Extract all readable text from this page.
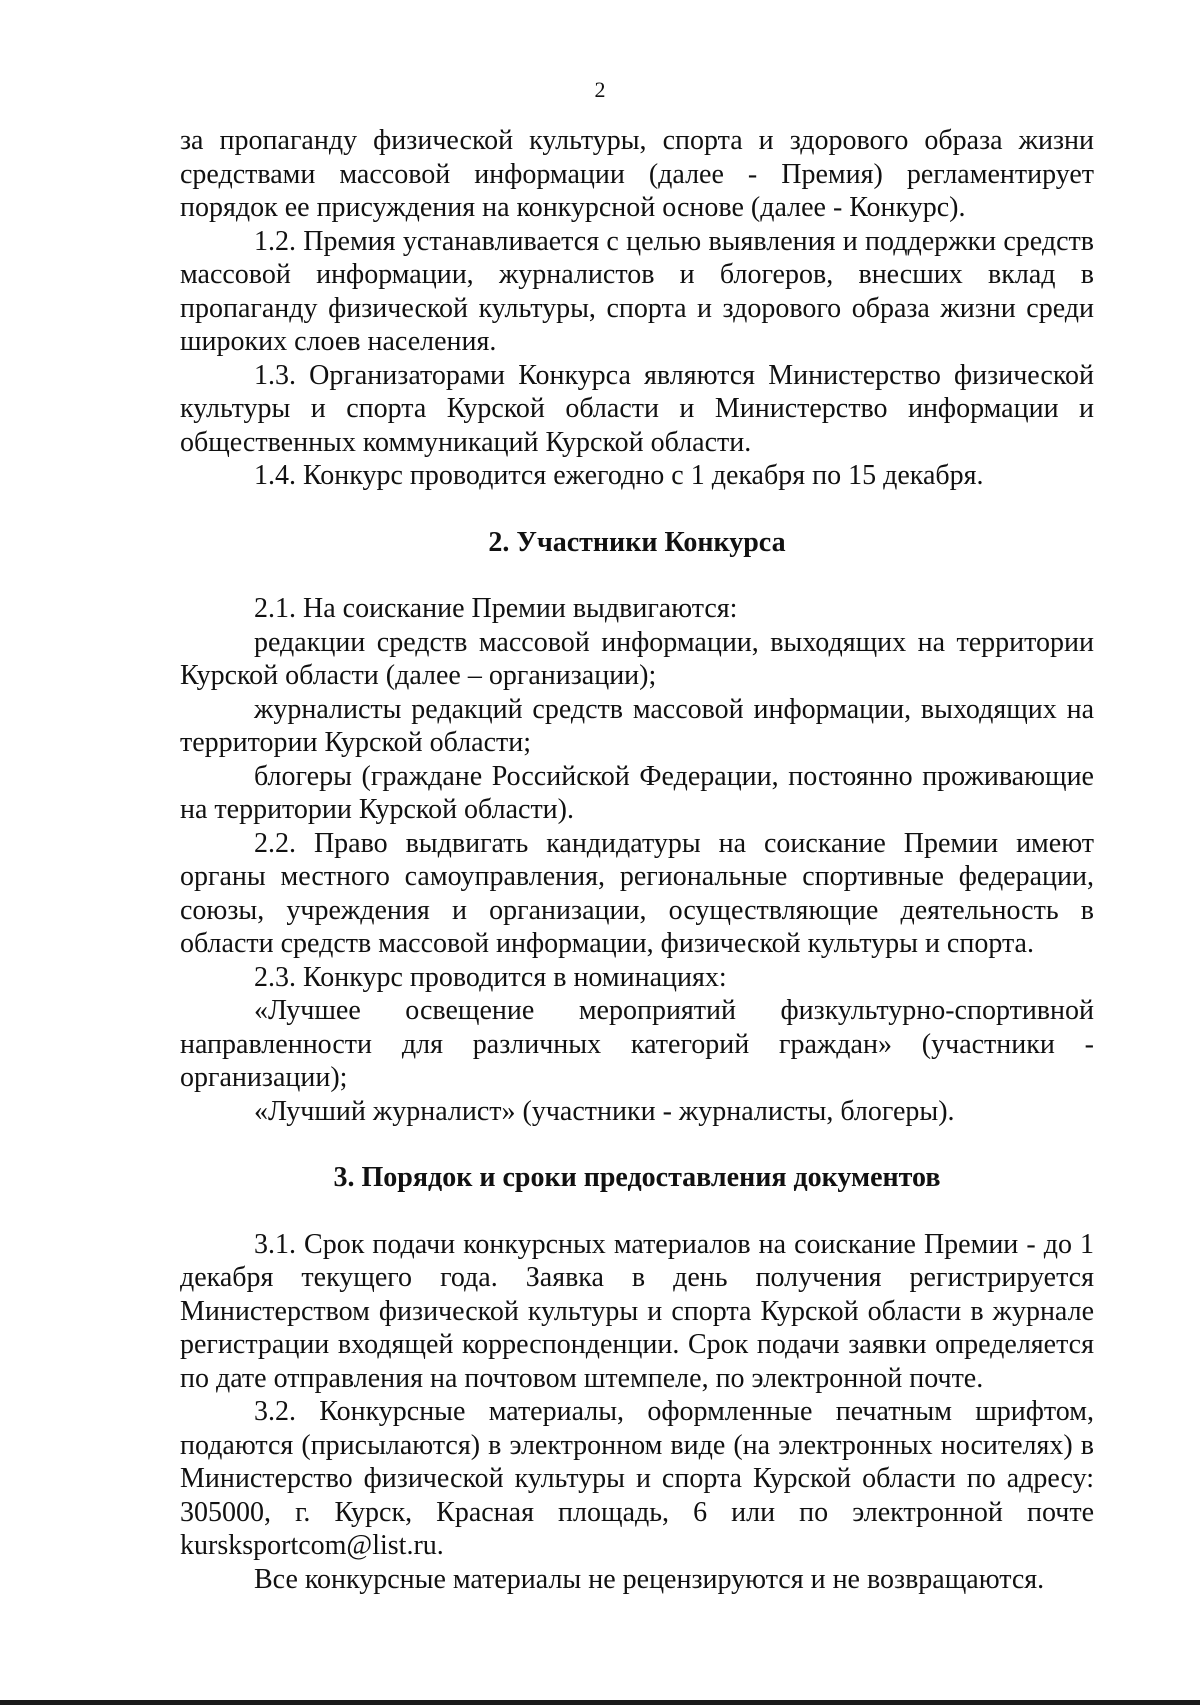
2

за пропаганду физической культуры, спорта и здорового образа жизни средствами массовой информации (далее - Премия) регламентирует порядок ее присуждения на конкурсной основе (далее - Конкурс).

1.2. Премия устанавливается с целью выявления и поддержки средств массовой информации, журналистов и блогеров, внесших вклад в пропаганду физической культуры, спорта и здорового образа жизни среди широких слоев населения.

1.3. Организаторами Конкурса являются Министерство физической культуры и спорта Курской области и Министерство информации и общественных коммуникаций Курской области.

1.4. Конкурс проводится ежегодно с 1 декабря по 15 декабря.

2. Участники Конкурса

2.1. На соискание Премии выдвигаются:

редакции средств массовой информации, выходящих на территории Курской области (далее – организации);

журналисты редакций средств массовой информации, выходящих на территории Курской области;

блогеры (граждане Российской Федерации, постоянно проживающие на территории Курской области).

2.2. Право выдвигать кандидатуры на соискание Премии имеют органы местного самоуправления, региональные спортивные федерации, союзы, учреждения и организации, осуществляющие деятельность в области средств массовой информации, физической культуры и спорта.

2.3. Конкурс проводится в номинациях:

«Лучшее освещение мероприятий физкультурно-спортивной направленности для различных категорий граждан» (участники - организации);

«Лучший журналист» (участники - журналисты, блогеры).

3. Порядок и сроки предоставления документов

3.1. Срок подачи конкурсных материалов на соискание Премии - до 1 декабря текущего года. Заявка в день получения регистрируется Министерством физической культуры и спорта Курской области в журнале регистрации входящей корреспонденции. Срок подачи заявки определяется по дате отправления на почтовом штемпеле, по электронной почте.

3.2. Конкурсные материалы, оформленные печатным шрифтом, подаются (присылаются) в электронном виде (на электронных носителях) в Министерство физической культуры и спорта Курской области по адресу: 305000, г. Курск, Красная площадь, 6 или по электронной почте kursksportcom@list.ru.

Все конкурсные материалы не рецензируются и не возвращаются.
